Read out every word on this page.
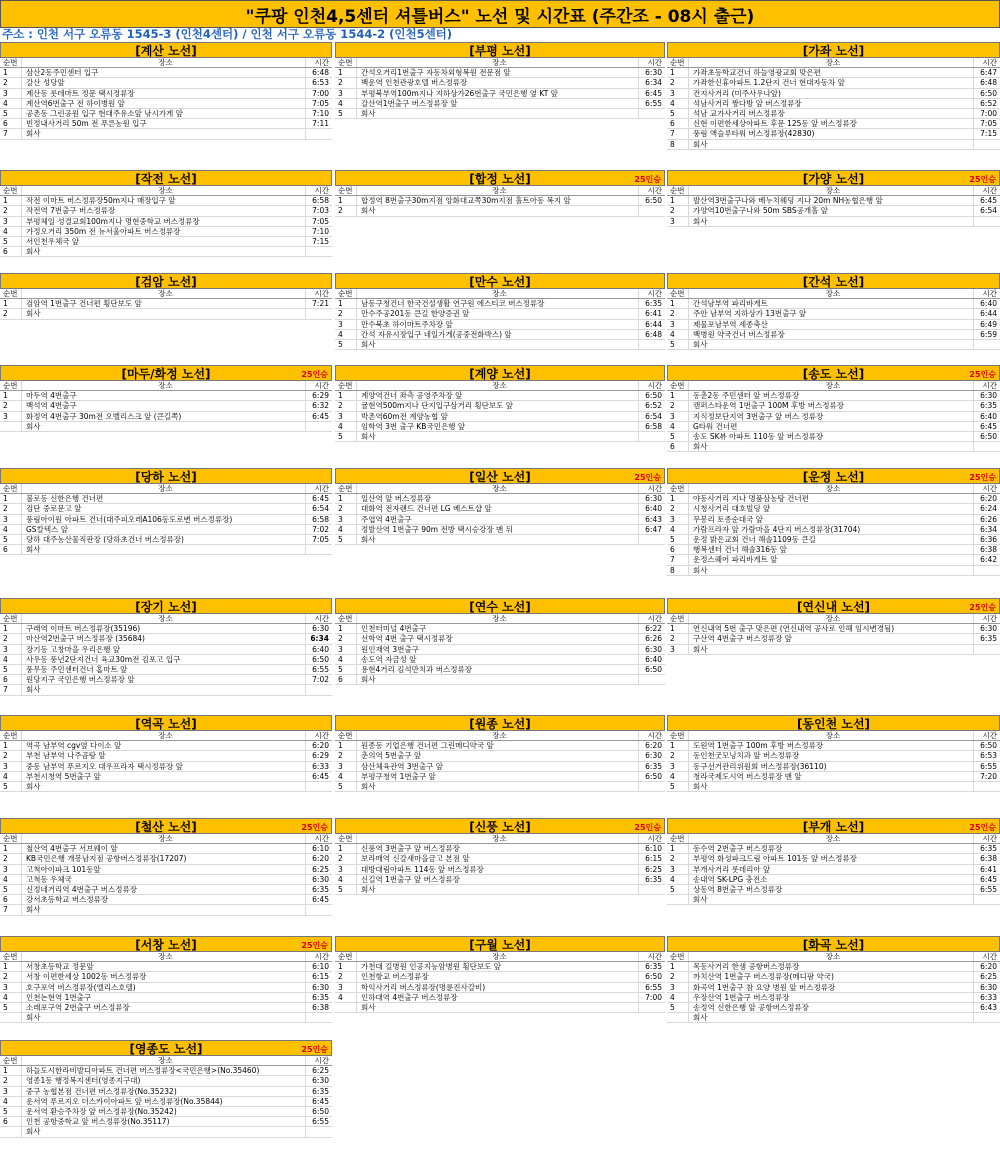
"쿠팡 인천4,5센터 셔틀버스" 노선 및 시간표 (주간조 - 08시 출근)
주소 : 인천 서구 오류동 1545-3 (인천4센터) / 인천 서구 오류동 1544-2 (인천5센터)
[계산 노선]
순번	장소	시간
1	삼산2동주민센터 입구	6:48
2	갈산 성당앞	6:53
3	계산동 롯데마트 정문 택시정류장	7:00
4	계산역6번출구 전 하이병원 앞	7:05
5	공촌동 그린공원 입구 현대주유소앞 낚시가게 앞	7:10
6	빈정내사거리 50m 전 푸른농원 입구	7:11
7	회사
[부평 노선]
순번	장소	시간
1	간석오거리1번출구 자동차외형복원 전문점 앞	6:30
2	백운역 인천관광호텔 버스정류장	6:34
3	부평북부역100m지나 지하상가26번출구 국민은행 옆 KT 앞	6:45
4	갈산역1번출구 버스정류장 앞	6:55
5	회사
[가좌 노선]
순번	장소	시간
1	가좌초등학교건너 하늘영광교회 맞은편	6:47
2	가좌한신휴아파트 1.2단지 건너 현대자동차 앞	6:48
3	건지사거리 (미주사우나앞)	6:50
4	석남사거리 짱다방 앞 버스정류장	6:52
5	석남 교가사거리 버스정류장	7:00
6	신현 이편한세상아파트 후문 125동 앞 버스정류장	7:05
7	풍림 액슬루타워 버스정류장(42830)	7:15
8	회사
[작전 노선]
순번	장소	시간
1	작전 이마트 버스정류장50m지나 매장입구 앞	6:58
2	작전역 7번출구 버스정류장	7:03
3	부평체일 성결교회100m지나 명현중학교 버스정류장	7:05
4	가정오거리 350m 전 뉴서울아파트 버스정류장	7:10
5	서인천우체국 앞	7:15
6	회사
[합정 노선]	25인승
순번	장소	시간
1	합정역 8번출구30m지점 앙화대교쪽30m지점 홀트아동 복지 앞	6:50
2	회사
[가양 노선]	25인승
순번	장소	시간
1	발산역3번출구나와 베누치웨딩 지나 20m NH농협은행 앞	6:45
2	가양역10번출구나와 50m SBS공개홀 앞	6:54
3	회사
[검암 노선]
순번	장소	시간
1	검암역 1번출구 건너편 횡단보도 앞	7:21
2	회사
[만수 노선]
순번	장소	시간
1	남동구청건너 한국건설생활 연구원 에스티코 버스정류장	6:35
2	만수주공201동 큰길 한양증권 앞	6:41
3	만수북초 하이마트주차장 앞	6:44
4	간석 자유시장입구 네일가게(공중전화박스) 앞	6:48
5	회사
[간석 노선]
순번	장소	시간
1	간석남부역 파리바게트	6:40
2	주안 남부역 지하상가 13번출구 앞	6:44
3	제물포남부역 세종축산	6:49
4	백병원 약국건너 버스정류장	6:59
5	회사
[마두/화정 노선]	25인승
순번	장소	시간
1	마두역 4번출구	6:29
2	백석역 4번출구	6:32
3	화정역 4번출구 30m전 오벨리스크 앞 (큰길쪽)	6:45
회사
[계양 노선]
순번	장소	시간
1	계양역건너 좌측 공영주차장 앞	6:50
2	귤현역500m지나 단지입구삼거리 횡단보도 앞	6:52
3	박촌역60m전 계양농협 앞	6:54
4	임학역 3번 출구 KB국민은행 앞	6:58
5	회사
[송도 노선]	25인승
순번	장소	시간
1	동춘2동 주민센터 앞 버스정류장	6:30
2	캠퍼스타운역 1번출구 100M 후방 버스정류장	6:35
3	지식정보단지역 3번출구 앞 버스 정류장	6:40
4	G타워 건너편	6:45
5	송도 SK뷰 아파트 110동 앞 버스정류장	6:50
6	회사
[당하 노선]
순번	장소	시간
1	불로동 신한은행 건너편	6:45
2	검단 중로문고 앞	6:54
3	풍림아이원 아파트 건너(대주피오레A106동도로변 버스정류장)	6:58
4	GS칼텍스 앞	7:02
5	당하 대주농산물직판장 (당하초건너 버스정류장)	7:05
6	회사
[일산 노선]	25인승
순번	장소	시간
1	일산역 앞 버스정류장	6:30
2	대화역 전자랜드 건너편 LG 베스트샵 앞	6:40
3	주엽역 4번출구	6:43
4	정발산역 1번출구 90m 전방 택시승강장 맨 뒤	6:47
5	회사
[운정 노선]	25인승
순번	장소	시간
1	야동사거리 지나 명품삼농탕 건너편	6:20
2	시청사거리 대호빌딩 앞	6:24
3	무봉리 토종순대국 앞	6:26
4	가람프라자 앞 가람마을 4단지 버스정류장(31704)	6:34
5	운정 밝은교회 건너 해솔1109동 큰길	6:36
6	행복센터 건너 해솔316동 앞	6:38
7	운정스퀘어 파리바게트 앞	6:42
8	회사
[장기 노선]
순번	장소	시간
1	구래역 이마트 버스정류장(35196)	6:30
2	마산역2번출구 버스정류장 (35684)	6:34
3	장기동 고창마을 우리은행 앞	6:40
4	사우동 풍년2단지건너 육교30m전 김포고 입구	6:50
5	풍무동 주민센터건너 홈마트 앞	6:55
6	원당지구 국민은행 버스정류장 앞	7:02
7	회사
[연수 노선]
순번	장소	시간
1	인천터미널 4번출구	6:22
2	선학역 4번 출구 택시정류장	6:26
3	원인재역 3번출구	6:30
4	송도역 자금성 앞	6:40
5	용현4거리 김석만치과 버스정류장	6:50
6	회사
[연신내 노선]	25인승
순번	장소	시간
1	연신내역 5번 출구 맞은편 (연신내역 공사로 인해 임시변경됨)	6:30
2	구산역 4번출구 버스정류장 앞	6:35
3	회사
[역곡 노선]
순번	장소	시간
1	역곡 남부역 cgv옆 다이소 앞	6:20
2	부천 남부역 나주곰탕 앞	6:29
3	중동 남부역 푸르지오 대우프라자 택시정류장 앞	6:33
4	부천시청역 5번출구 앞	6:45
5	회사
[원종 노선]
순번	장소	시간
1	원종동 기업은행 건너편 그린메디약국 앞	6:20
2	춘의역 5번출구 앞	6:30
3	삼산체육관역 3번출구 앞	6:35
4	부평구청역 1번출구 앞	6:50
5	회사
[동인천 노선]
순번	장소	시간
1	도원역 1번출구 100m 후방 버스정류장	6:50
2	동인천굿모닝치과 앞 버스정류장	6:53
3	동구선거관리위원회 버스정류장(36110)	6:55
4	청라국제도시역 버스정류장 맨 앞	7:20
5	회사
[철산 노선]	25인승
순번	장소	시간
1	철산역 4번출구 서브웨이 앞	6:10
2	KB국민은행 개봉남지점 공항버스정류장(17207)	6:20
3	고척아이파크 101동앞	6:25
4	고척동 우체국	6:30
5	신정네거리역 4번출구 버스정류장	6:35
6	강서초등학교 버스정류장	6:45
7	회사
[신풍 노선]	25인승
순번	장소	시간
1	신풍역 3번출구 앞 버스정류장	6:10
2	보라매역 신갈새마을금고 본점 앞	6:15
3	대방대림아파트 114동 앞 버스정류장	6:25
4	신길역 1번출구 앞 버스정류장	6:35
5	회사
[부개 노선]	25인승
순번	장소	시간
1	동수역 2번출구 버스정류장	6:35
2	부평역 화성파크드림 아파트 101동 앞 버스정류장	6:38
3	부개사거리 롯데리아 앞	6:41
4	송내역 SK-LPG 충전소	6:45
5	상동역 8번출구 버스정류장	6:55
회사
[서창 노선]	25인승
순번	장소	시간
1	서창초등학교 정문앞	6:10
2	서창 이편한세상 1002동 버스정류장	6:15
3	호구포역 버스정류장(엘리스호텔)	6:30
4	인천논현역 1번출구	6:35
5	소래포구역 2번출구 버스정류장	6:38
회사
[구월 노선]
순번	장소	시간
1	가천대 길병원 인공지능암병원 횡단보도 앞	6:35
2	인천항교 버스정류장	6:50
3	학익사거리 버스정류장(명륜진사갈비)	6:55
4	인하대역 4번출구 버스정류장	7:00
회사
[화곡 노선]
순번	장소	시간
1	목동사거리 한샘 공항버스정류장	6:20
2	까치산역 1번출구 버스정류장(메디팜 약국)	6:25
3	화곡역 1번출구 참 요양 병원 앞 버스정류장	6:30
4	우장산역 1번출구 버스정류장	6:33
5	송정역 신한은행 앞 공항버스정류장	6:43
회사
[영종도 노선]	25인승
순번	장소	시간
1	하늘도시한라비발디아파트 건너편 버스정류장<국민은행>(No.35460)	6:25
2	영종1동 행정복지센터(영종지구대)	6:30
3	중구 농협본점 건너편 버스정류장(No.35232)	6:35
4	운서역 푸르지오 더스카이아파트 앞 버스정류장(No.35844)	6:45
5	운서역 환승주차장 앞 버스정류장(No.35242)	6:50
6	인천 공항중학교 앞 버스정류장(No.35117)	6:55
회사
